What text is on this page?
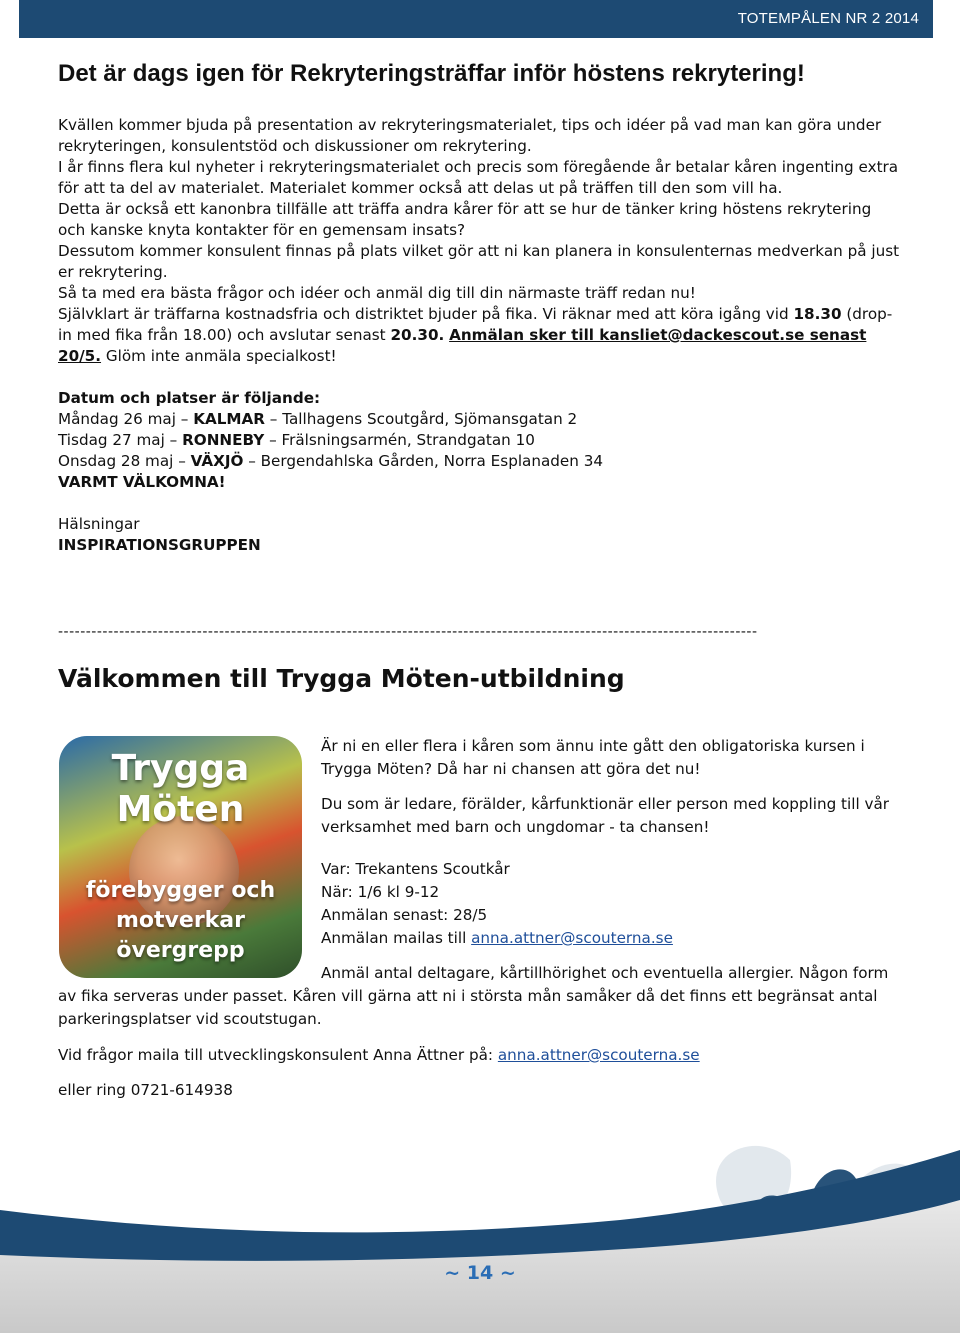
TOTEMPÅLEN NR 2 2014
Det är dags igen för Rekryteringsträffar inför höstens rekrytering!

Kvällen kommer bjuda på presentation av rekryteringsmaterialet, tips och idéer på vad man kan göra under rekryteringen, konsulentstöd och diskussioner om rekrytering.

I år finns flera kul nyheter i rekryteringsmaterialet och precis som föregående år betalar kåren ingenting extra för att ta del av materialet. Materialet kommer också att delas ut på träffen till den som vill ha.

Detta är också ett kanonbra tillfälle att träffa andra kårer för att se hur de tänker kring höstens rekrytering och kanske knyta kontakter för en gemensam insats?

Dessutom kommer konsulent finnas på plats vilket gör att ni kan planera in konsulenternas medverkan på just er rekrytering.

Så ta med era bästa frågor och idéer och anmäl dig till din närmaste träff redan nu!

Självklart är träffarna kostnadsfria och distriktet bjuder på fika. Vi räknar med att köra igång vid 18.30 (drop-in med fika från 18.00) och avslutar senast 20.30. Anmälan sker till kansliet@dackescout.se senast 20/5. Glöm inte anmäla specialkost!

Datum och platser är följande:

Måndag 26 maj – KALMAR – Tallhagens Scoutgård, Sjömansgatan 2

Tisdag 27 maj – RONNEBY – Frälsningsarmén, Strandgatan 10

Onsdag 28 maj – VÄXJÖ – Bergendahlska Gården, Norra Esplanaden 34

VARMT VÄLKOMNA!

Hälsningar

INSPIRATIONSGRUPPEN

------------------------------------------------------------------------------------------------------------------------------
Välkommen till Trygga Möten-utbildning
Trygga Möten
förebygger och
motverkar övergrepp

Är ni en eller flera i kåren som ännu inte gått den obligatoriska kursen i Trygga Möten? Då har ni chansen att göra det nu!

Du som är ledare, förälder, kårfunktionär eller person med koppling till vår verksamhet med barn och ungdomar - ta chansen!

Var: Trekantens Scoutkår

När: 1/6 kl 9-12

Anmälan senast: 28/5

Anmälan mailas till anna.attner@scouterna.se

Anmäl antal deltagare, kårtillhörighet och eventuella allergier. Någon form av fika serveras under passet. Kåren vill gärna att ni i största mån samåker då det finns ett begränsat antal parkeringsplatser vid scoutstugan.

Vid frågor maila till utvecklingskonsulent Anna Ättner på: anna.attner@scouterna.se

eller ring 0721-614938

~ 14 ~
